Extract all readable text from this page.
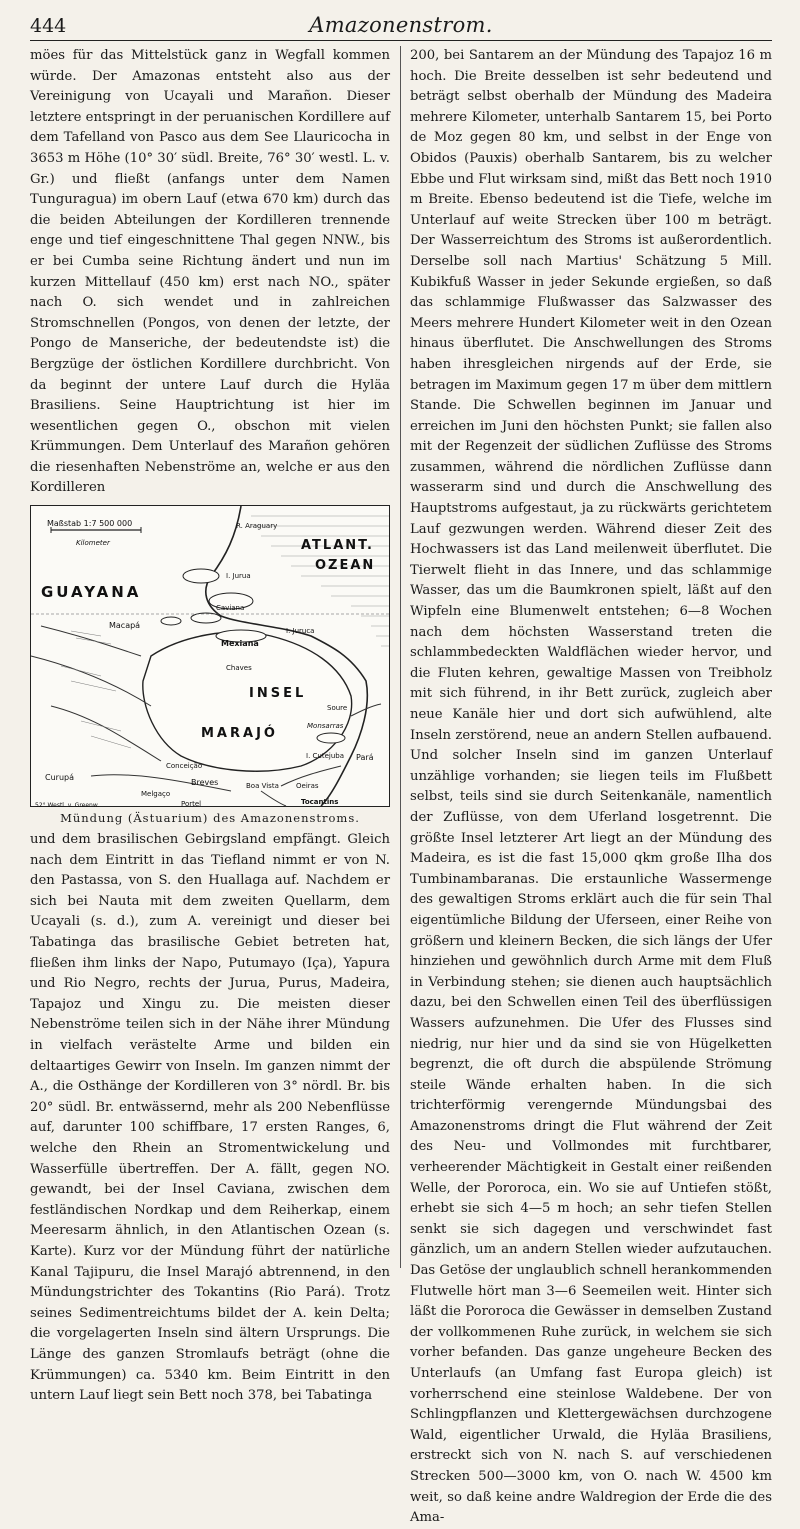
444	Amazonenstrom.

möes für das Mittelstück ganz in Wegfall kommen würde. Der Amazonas entsteht also aus der Vereinigung von Ucayali und Marañon. Dieser letztere entspringt in der peruanischen Kordillere auf dem Tafelland von Pasco aus dem See Llauricocha in 3653 m Höhe (10° 30′ südl. Breite, 76° 30′ westl. L. v. Gr.) und fließt (anfangs unter dem Namen Tunguragua) im obern Lauf (etwa 670 km) durch das die beiden Abteilungen der Kordilleren trennende enge und tief eingeschnittene Thal gegen NNW., bis er bei Cumba seine Richtung ändert und nun im kurzen Mittellauf (450 km) erst nach NO., später nach O. sich wendet und in zahlreichen Stromschnellen (Pongos, von denen der letzte, der Pongo de Manseriche, der bedeutendste ist) die Bergzüge der östlichen Kordillere durchbricht. Von da beginnt der untere Lauf durch die Hyläa Brasiliens. Seine Hauptrichtung ist hier im wesentlichen gegen O., obschon mit vielen Krümmungen. Dem Unterlauf des Marañon gehören die riesenhaften Nebenströme an, welche er aus den Kordilleren

Maßstab 1:7 500 000
Kilometer
GUAYANA
ATLANT.
OZEAN
R. Araguary
Macapá
Caviana
Mexiana
I. Juruca
I. Jurua
Chaves
INSEL
MARAJÓ	Monsarras
Soure
I. Cutejuba Pará
Conceição
Curupá
Breves	Boa Vista Oeiras
Melgaço
Portel	Tocantins
52° Westl. v. Greenw.
Mündung (Ästuarium) des Amazonenstroms.

und dem brasilischen Gebirgsland empfängt. Gleich nach dem Eintritt in das Tiefland nimmt er von N. den Pastassa, von S. den Huallaga auf. Nachdem er sich bei Nauta mit dem zweiten Quellarm, dem Ucayali (s. d.), zum A. vereinigt und dieser bei Tabatinga das brasilische Gebiet betreten hat, fließen ihm links der Napo, Putumayo (Iça), Yapura und Rio Negro, rechts der Jurua, Purus, Madeira, Tapajoz und Xingu zu. Die meisten dieser Nebenströme teilen sich in der Nähe ihrer Mündung in vielfach verästelte Arme und bilden ein deltaartiges Gewirr von Inseln. Im ganzen nimmt der A., die Osthänge der Kordilleren von 3° nördl. Br. bis 20° südl. Br. entwässernd, mehr als 200 Nebenflüsse auf, darunter 100 schiffbare, 17 ersten Ranges, 6, welche den Rhein an Stromentwickelung und Wasserfülle übertreffen. Der A. fällt, gegen NO. gewandt, bei der Insel Caviana, zwischen dem festländischen Nordkap und dem Reiherkap, einem Meeresarm ähnlich, in den Atlantischen Ozean (s. Karte). Kurz vor der Mündung führt der natürliche Kanal Tajipuru, die Insel Marajó abtrennend, in den Mündungstrichter des Tokantins (Rio Pará). Trotz seines Sedimentreichtums bildet der A. kein Delta; die vorgelagerten Inseln sind ältern Ursprungs. Die Länge des ganzen Stromlaufs beträgt (ohne die Krümmungen) ca. 5340 km. Beim Eintritt in den untern Lauf liegt sein Bett noch 378, bei Tabatinga

200, bei Santarem an der Mündung des Tapajoz 16 m hoch. Die Breite desselben ist sehr bedeutend und beträgt selbst oberhalb der Mündung des Madeira mehrere Kilometer, unterhalb Santarem 15, bei Porto de Moz gegen 80 km, und selbst in der Enge von Obidos (Pauxis) oberhalb Santarem, bis zu welcher Ebbe und Flut wirksam sind, mißt das Bett noch 1910 m Breite. Ebenso bedeutend ist die Tiefe, welche im Unterlauf auf weite Strecken über 100 m beträgt. Der Wasserreichtum des Stroms ist außerordentlich. Derselbe soll nach Martius' Schätzung 5 Mill. Kubikfuß Wasser in jeder Sekunde ergießen, so daß das schlammige Flußwasser das Salzwasser des Meers mehrere Hundert Kilometer weit in den Ozean hinaus überflutet. Die Anschwellungen des Stroms haben ihresgleichen nirgends auf der Erde, sie betragen im Maximum gegen 17 m über dem mittlern Stande. Die Schwellen beginnen im Januar und erreichen im Juni den höchsten Punkt; sie fallen also mit der Regenzeit der südlichen Zuflüsse des Stroms zusammen, während die nördlichen Zuflüsse dann wasserarm sind und durch die Anschwellung des Hauptstroms aufgestaut, ja zu rückwärts gerichtetem Lauf gezwungen werden. Während dieser Zeit des Hochwassers ist das Land meilenweit überflutet. Die Tierwelt flieht in das Innere, und das schlammige Wasser, das um die Baumkronen spielt, läßt auf den Wipfeln eine Blumenwelt entstehen; 6—8 Wochen nach dem höchsten Wasserstand treten die schlammbedeckten Waldflächen wieder hervor, und die Fluten kehren, gewaltige Massen von Treibholz mit sich führend, in ihr Bett zurück, zugleich aber neue Kanäle hier und dort sich aufwühlend, alte Inseln zerstörend, neue an andern Stellen aufbauend. Und solcher Inseln sind im ganzen Unterlauf unzählige vorhanden; sie liegen teils im Flußbett selbst, teils sind sie durch Seitenkanäle, namentlich der Zuflüsse, von dem Uferland losgetrennt. Die größte Insel letzterer Art liegt an der Mündung des Madeira, es ist die fast 15,000 qkm große Ilha dos Tumbinambaranas. Die erstaunliche Wassermenge des gewaltigen Stroms erklärt auch die für sein Thal eigentümliche Bildung der Uferseen, einer Reihe von größern und kleinern Becken, die sich längs der Ufer hinziehen und gewöhnlich durch Arme mit dem Fluß in Verbindung stehen; sie dienen auch hauptsächlich dazu, bei den Schwellen einen Teil des überflüssigen Wassers aufzunehmen. Die Ufer des Flusses sind niedrig, nur hier und da sind sie von Hügelketten begrenzt, die oft durch die abspülende Strömung steile Wände erhalten haben. In die sich trichterförmig verengernde Mündungsbai des Amazonenstroms dringt die Flut während der Zeit des Neu- und Vollmondes mit furchtbarer, verheerender Mächtigkeit in Gestalt einer reißenden Welle, der Pororoca, ein. Wo sie auf Untiefen stößt, erhebt sie sich 4—5 m hoch; an sehr tiefen Stellen senkt sie sich dagegen und verschwindet fast gänzlich, um an andern Stellen wieder aufzutauchen. Das Getöse der unglaublich schnell herankommenden Flutwelle hört man 3—6 Seemeilen weit. Hinter sich läßt die Pororoca die Gewässer in demselben Zustand der vollkommenen Ruhe zurück, in welchem sie sich vorher befanden. Das ganze ungeheure Becken des Unterlaufs (an Umfang fast Europa gleich) ist vorherrschend eine steinlose Waldebene. Der von Schlingpflanzen und Klettergewächsen durchzogene Wald, eigentlicher Urwald, die Hyläa Brasiliens, erstreckt sich von N. nach S. auf verschiedenen Strecken 500—3000 km, von O. nach W. 4500 km weit, so daß keine andre Waldregion der Erde die des Ama-
